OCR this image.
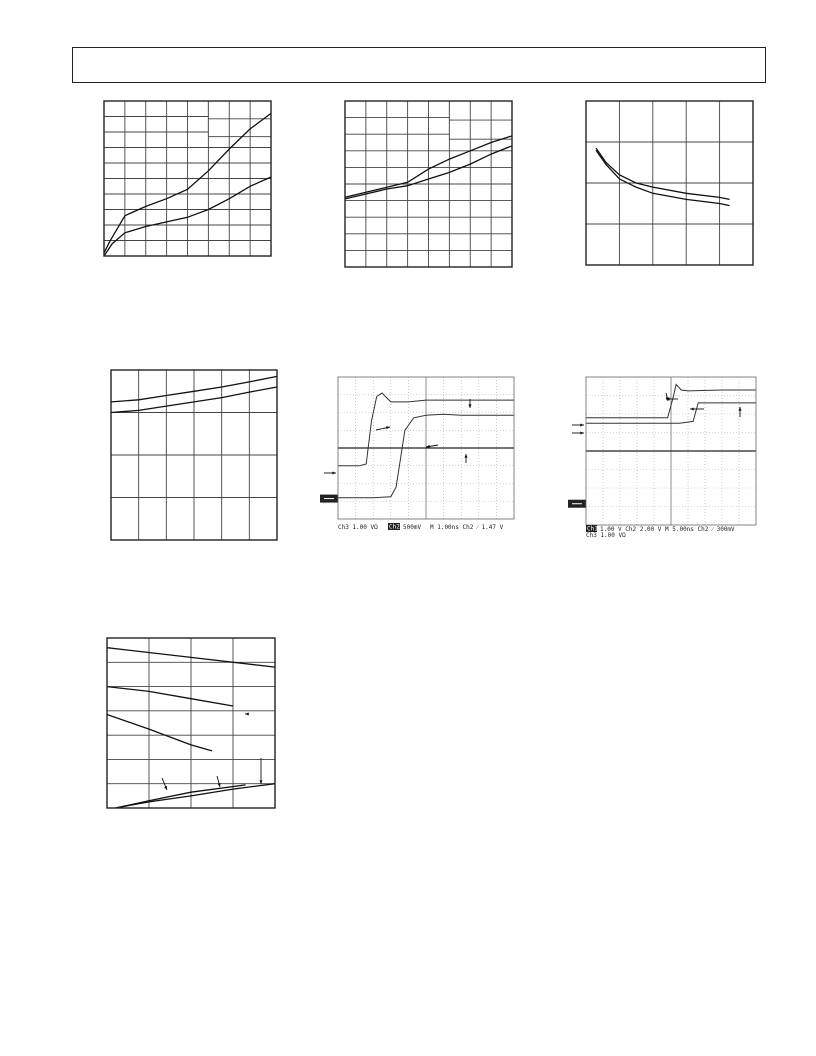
Ch3 1.00 VΩ Ch2 500mV M 1.00ns Ch2 ⁄ 1.47 V	Ch1 1.00 V Ch2 2.00 V M 5.00ns Ch2 ⁄ 300mV
Ch3 1.00 VΩ
